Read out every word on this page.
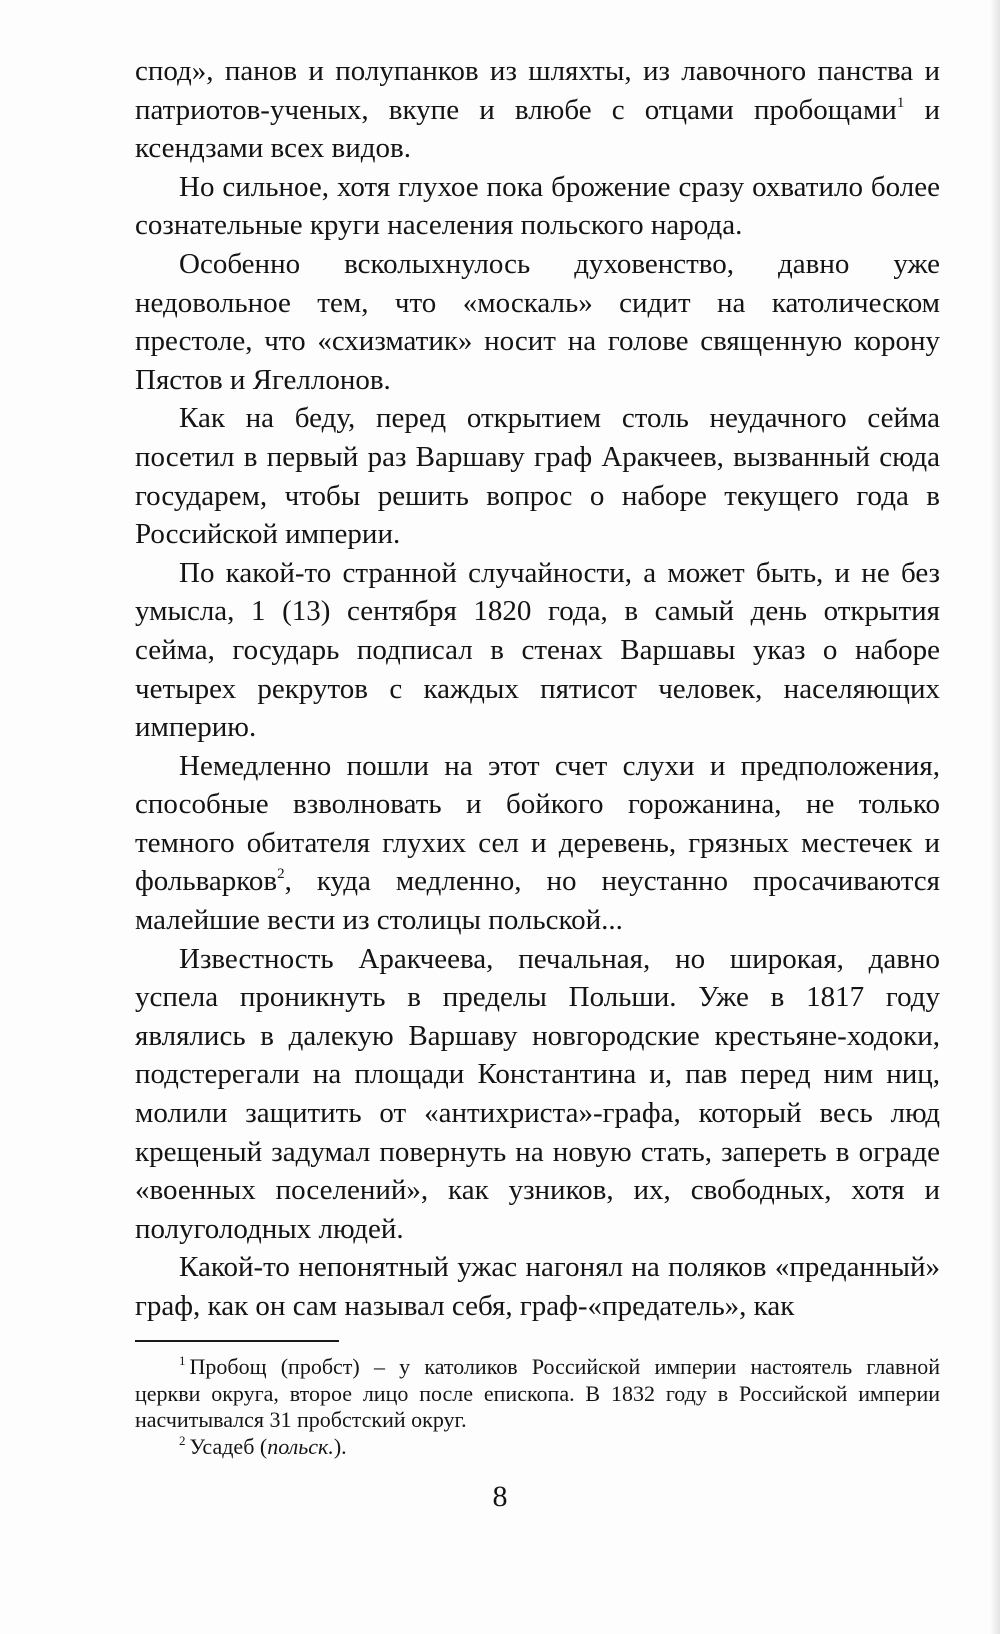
спод», панов и полупанков из шляхты, из лавочного панства и патриотов-ученых, вкупе и влюбе с отцами пробощами$^1$ и ксендзами всех видов.

Но сильное, хотя глухое пока брожение сразу охватило более сознательные круги населения польского народа.

Особенно всколыхнулось духовенство, давно уже недовольное тем, что «москаль» сидит на католическом престоле, что «схизматик» носит на голове священную корону Пястов и Ягеллонов.

Как на беду, перед открытием столь неудачного сейма посетил в первый раз Варшаву граф Аракчеев, вызванный сюда государем, чтобы решить вопрос о наборе текущего года в Российской империи.

По какой-то странной случайности, а может быть, и не без умысла, 1 (13) сентября 1820 года, в самый день открытия сейма, государь подписал в стенах Варшавы указ о наборе четырех рекрутов с каждых пятисот человек, населяющих империю.

Немедленно пошли на этот счет слухи и предположения, способные взволновать и бойкого горожанина, не только темного обитателя глухих сел и деревень, грязных местечек и фольварков$^2$, куда медленно, но неустанно просачиваются малейшие вести из столицы польской...

Известность Аракчеева, печальная, но широкая, давно успела проникнуть в пределы Польши. Уже в 1817 году являлись в далекую Варшаву новгородские крестьяне-ходоки, подстерегали на площади Константина и, пав перед ним ниц, молили защитить от «антихриста»-графа, который весь люд крещеный задумал повернуть на новую стать, запереть в ограде «военных поселений», как узников, их, свободных, хотя и полуголодных людей.

Какой-то непонятный ужас нагонял на поляков «преданный» граф, как он сам называл себя, граф-«предатель», как

$^1$ Пробощ (пробст) – у католиков Российской империи настоятель главной церкви округа, второе лицо после епископа. В 1832 году в Российской империи насчитывался 31 пробстский округ.

$^2$ Усадеб (польск.).

8
